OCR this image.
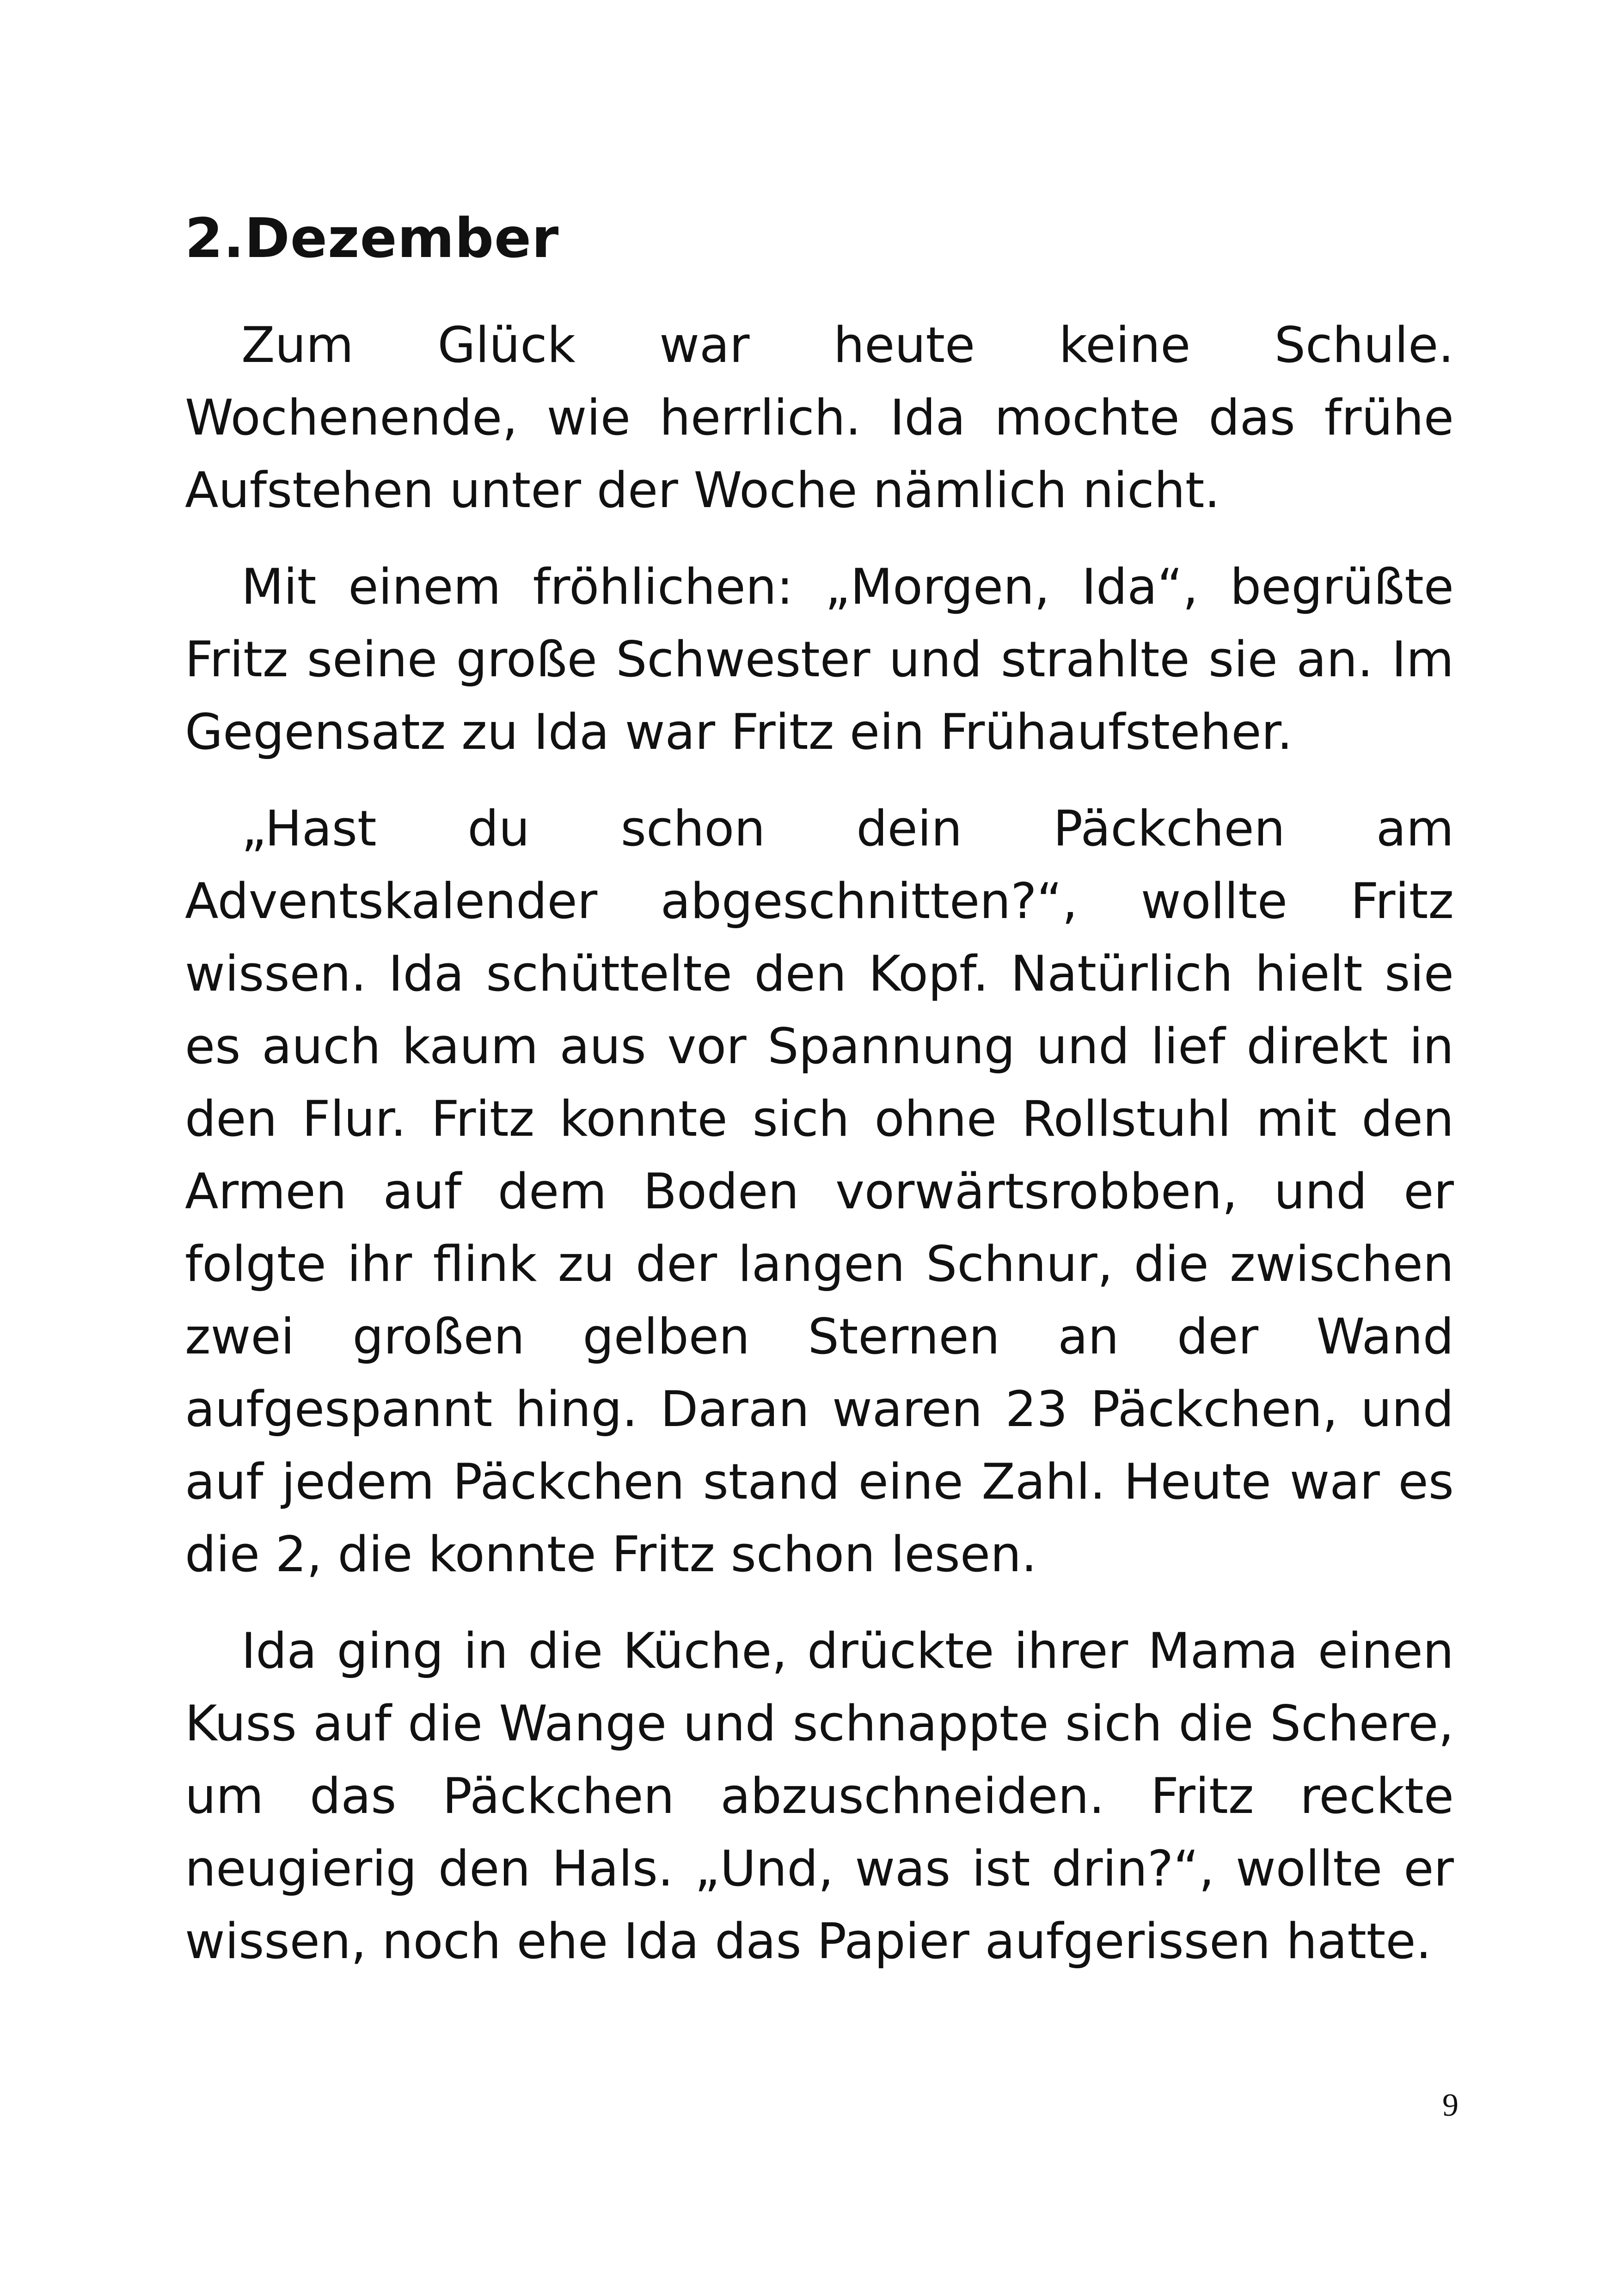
2.Dezember

Zum Glück war heute keine Schule. Wochenende, wie herrlich. Ida mochte das frühe Aufstehen unter der Woche nämlich nicht.

Mit einem fröhlichen: „Morgen, Ida“, begrüßte Fritz seine große Schwester und strahlte sie an. Im Gegensatz zu Ida war Fritz ein Frühaufsteher.

„Hast du schon dein Päckchen am Adventskalender abgeschnitten?“, wollte Fritz wissen. Ida schüttelte den Kopf. Natürlich hielt sie es auch kaum aus vor Spannung und lief direkt in den Flur. Fritz konnte sich ohne Rollstuhl mit den Armen auf dem Boden vorwärtsrobben, und er folgte ihr flink zu der langen Schnur, die zwischen zwei großen gelben Sternen an der Wand aufgespannt hing. Daran waren 23 Päckchen, und auf jedem Päckchen stand eine Zahl. Heute war es die 2, die konnte Fritz schon lesen.

Ida ging in die Küche, drückte ihrer Mama einen Kuss auf die Wange und schnappte sich die Schere, um das Päckchen abzuschneiden. Fritz reckte neugierig den Hals. „Und, was ist drin?“, wollte er wissen, noch ehe Ida das Papier aufgerissen hatte.

9
